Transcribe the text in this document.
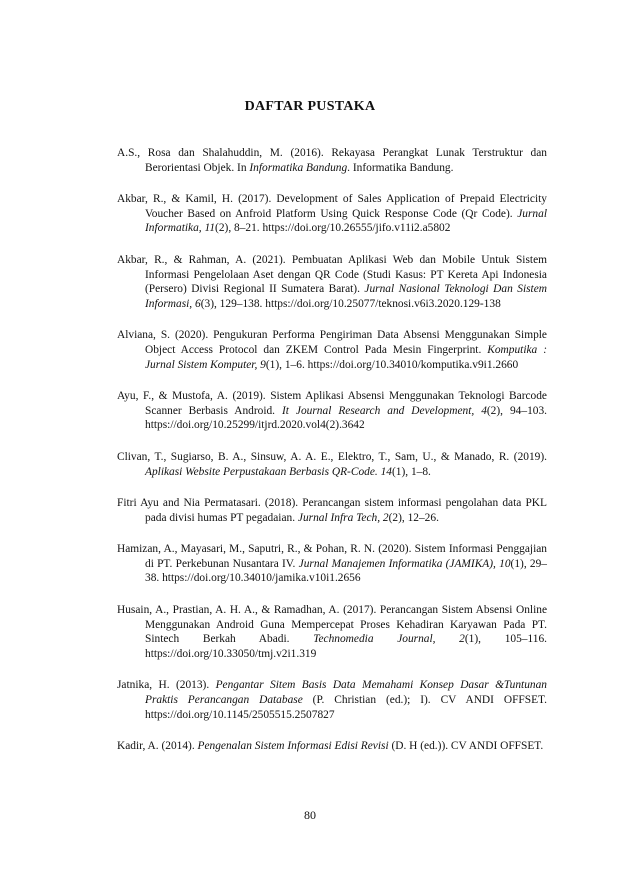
DAFTAR PUSTAKA

A.S., Rosa dan Shalahuddin, M. (2016). Rekayasa Perangkat Lunak Terstruktur dan Berorientasi Objek. In Informatika Bandung. Informatika Bandung.

Akbar, R., & Kamil, H. (2017). Development of Sales Application of Prepaid Electricity Voucher Based on Anfroid Platform Using Quick Response Code (Qr Code). Jurnal Informatika, 11(2), 8–21. https://doi.org/10.26555/jifo.v11i2.a5802

Akbar, R., & Rahman, A. (2021). Pembuatan Aplikasi Web dan Mobile Untuk Sistem Informasi Pengelolaan Aset dengan QR Code (Studi Kasus: PT Kereta Api Indonesia (Persero) Divisi Regional II Sumatera Barat). Jurnal Nasional Teknologi Dan Sistem Informasi, 6(3), 129–138. https://doi.org/10.25077/teknosi.v6i3.2020.129-138

Alviana, S. (2020). Pengukuran Performa Pengiriman Data Absensi Menggunakan Simple Object Access Protocol dan ZKEM Control Pada Mesin Fingerprint. Komputika : Jurnal Sistem Komputer, 9(1), 1–6. https://doi.org/10.34010/komputika.v9i1.2660

Ayu, F., & Mustofa, A. (2019). Sistem Aplikasi Absensi Menggunakan Teknologi Barcode Scanner Berbasis Android. It Journal Research and Development, 4(2), 94–103. https://doi.org/10.25299/itjrd.2020.vol4(2).3642

Clivan, T., Sugiarso, B. A., Sinsuw, A. A. E., Elektro, T., Sam, U., & Manado, R. (2019). Aplikasi Website Perpustakaan Berbasis QR-Code. 14(1), 1–8.

Fitri Ayu and Nia Permatasari. (2018). Perancangan sistem informasi pengolahan data PKL pada divisi humas PT pegadaian. Jurnal Infra Tech, 2(2), 12–26.

Hamizan, A., Mayasari, M., Saputri, R., & Pohan, R. N. (2020). Sistem Informasi Penggajian di PT. Perkebunan Nusantara IV. Jurnal Manajemen Informatika (JAMIKA), 10(1), 29–38. https://doi.org/10.34010/jamika.v10i1.2656

Husain, A., Prastian, A. H. A., & Ramadhan, A. (2017). Perancangan Sistem Absensi Online Menggunakan Android Guna Mempercepat Proses Kehadiran Karyawan Pada PT. Sintech Berkah Abadi. Technomedia Journal, 2(1), 105–116. https://doi.org/10.33050/tmj.v2i1.319

Jatnika, H. (2013). Pengantar Sitem Basis Data Memahami Konsep Dasar &Tuntunan Praktis Perancangan Database (P. Christian (ed.); I). CV ANDI OFFSET. https://doi.org/10.1145/2505515.2507827

Kadir, A. (2014). Pengenalan Sistem Informasi Edisi Revisi (D. H (ed.)). CV ANDI OFFSET.

80
